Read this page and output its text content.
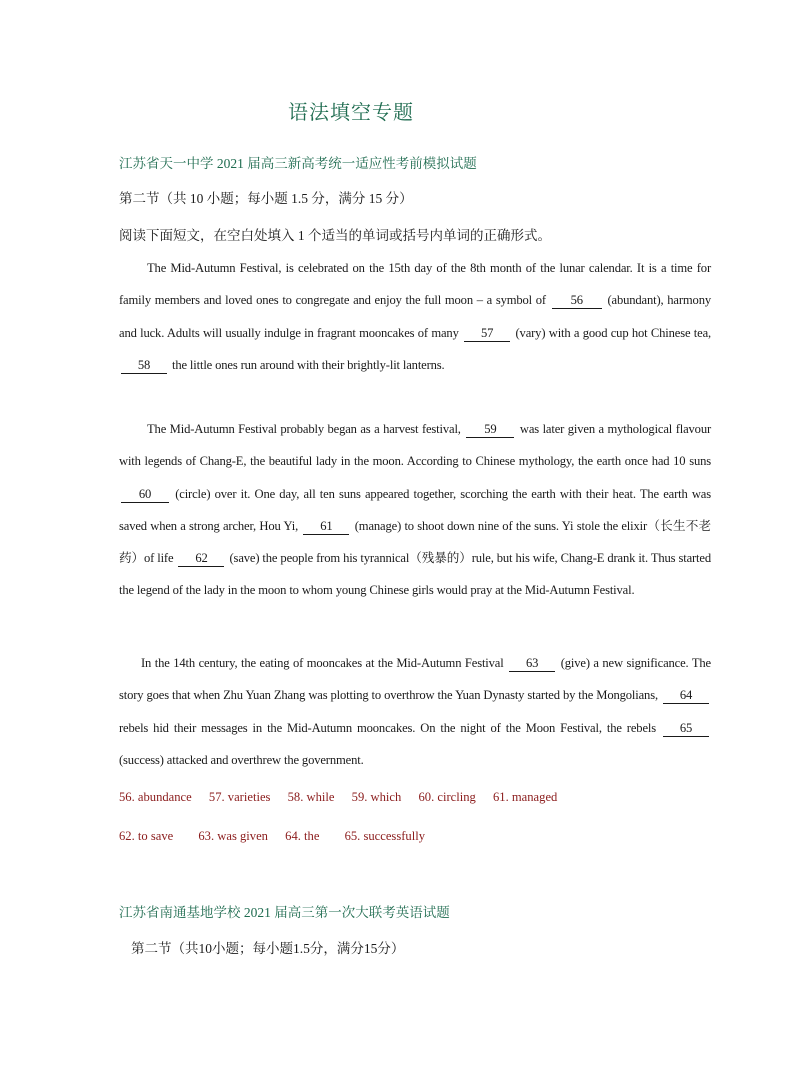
语法填空专题
江苏省天一中学 2021 届高三新高考统一适应性考前模拟试题
第二节（共 10 小题；每小题 1.5 分，满分 15 分）
阅读下面短文，在空白处填入 1 个适当的单词或括号内单词的正确形式。
The Mid-Autumn Festival, is celebrated on the 15th day of the 8th month of the lunar calendar. It is a time for family members and loved ones to congregate and enjoy the full moon – a symbol of 56 (abundant), harmony and luck. Adults will usually indulge in fragrant mooncakes of many 57 (vary) with a good cup hot Chinese tea, 58 the little ones run around with their brightly-lit lanterns.
The Mid-Autumn Festival probably began as a harvest festival, 59 was later given a mythological flavour with legends of Chang-E, the beautiful lady in the moon. According to Chinese mythology, the earth once had 10 suns 60 (circle) over it. One day, all ten suns appeared together, scorching the earth with their heat. The earth was saved when a strong archer, Hou Yi, 61 (manage) to shoot down nine of the suns. Yi stole the elixir（长生不老药）of life 62 (save) the people from his tyrannical（残暴的）rule, but his wife, Chang-E drank it. Thus started the legend of the lady in the moon to whom young Chinese girls would pray at the Mid-Autumn Festival.
In the 14th century, the eating of mooncakes at the Mid-Autumn Festival 63 (give) a new significance. The story goes that when Zhu Yuan Zhang was plotting to overthrow the Yuan Dynasty started by the Mongolians, 64 rebels hid their messages in the Mid-Autumn mooncakes. On the night of the Moon Festival, the rebels 65 (success) attacked and overthrew the government.
56. abundance 57. varieties 58. while 59. which 60. circling 61. managed
62. to save 63. was given 64. the 65. successfully
江苏省南通基地学校 2021 届高三第一次大联考英语试题
第二节（共10小题；每小题1.5分，满分15分）
